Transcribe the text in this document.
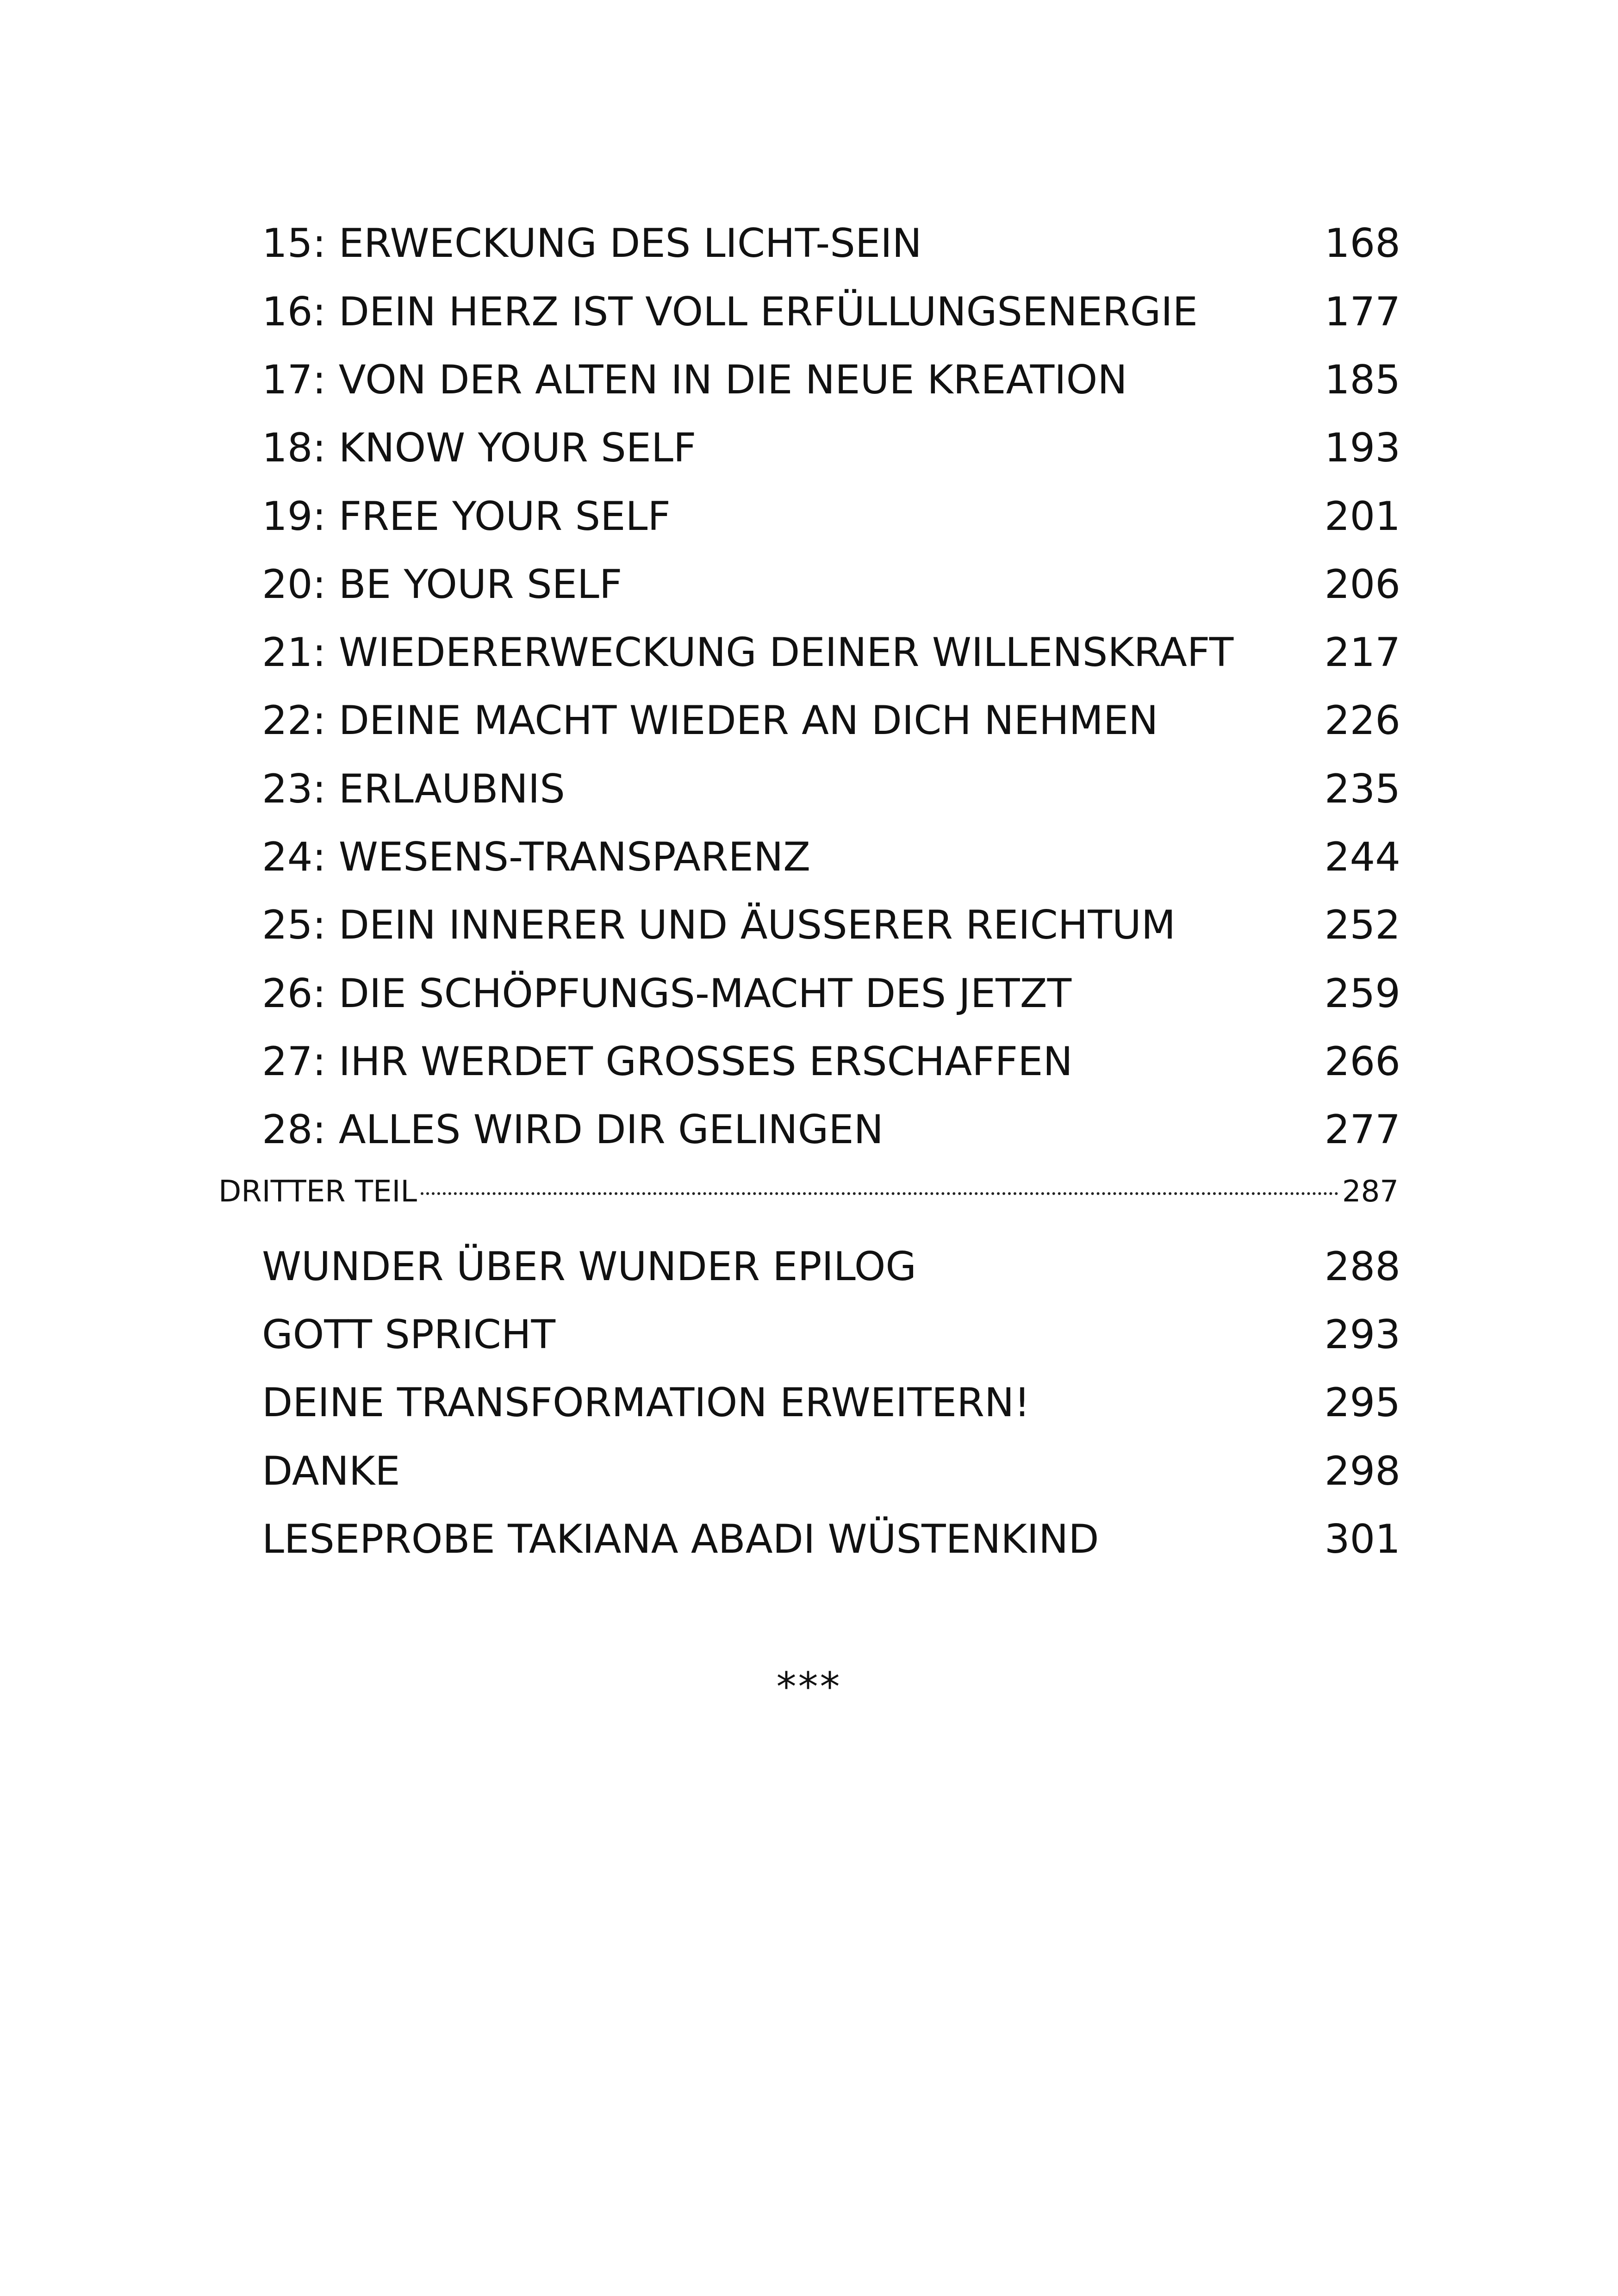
15: ERWECKUNG DES LICHT-SEIN	168
16: DEIN HERZ IST VOLL ERFÜLLUNGSENERGIE	177
17: VON DER ALTEN IN DIE NEUE KREATION	185
18: KNOW YOUR SELF	193
19: FREE YOUR SELF	201
20: BE YOUR SELF	206
21: WIEDERERWECKUNG DEINER WILLENSKRAFT 217
22: DEINE MACHT WIEDER AN DICH NEHMEN	226
23: ERLAUBNIS	235
24: WESENS-TRANSPARENZ	244
25: DEIN INNERER UND ÄUSSERER REICHTUM	252
26: DIE SCHÖPFUNGS-MACHT DES JETZT	259
27: IHR WERDET GROSSES ERSCHAFFEN	266
28: ALLES WIRD DIR GELINGEN	277
DRITTER TEIL	287
WUNDER ÜBER WUNDER EPILOG	288
GOTT SPRICHT	293
DEINE TRANSFORMATION ERWEITERN!	295
DANKE	298
LESEPROBE TAKIANA ABADI WÜSTENKIND	301
***
